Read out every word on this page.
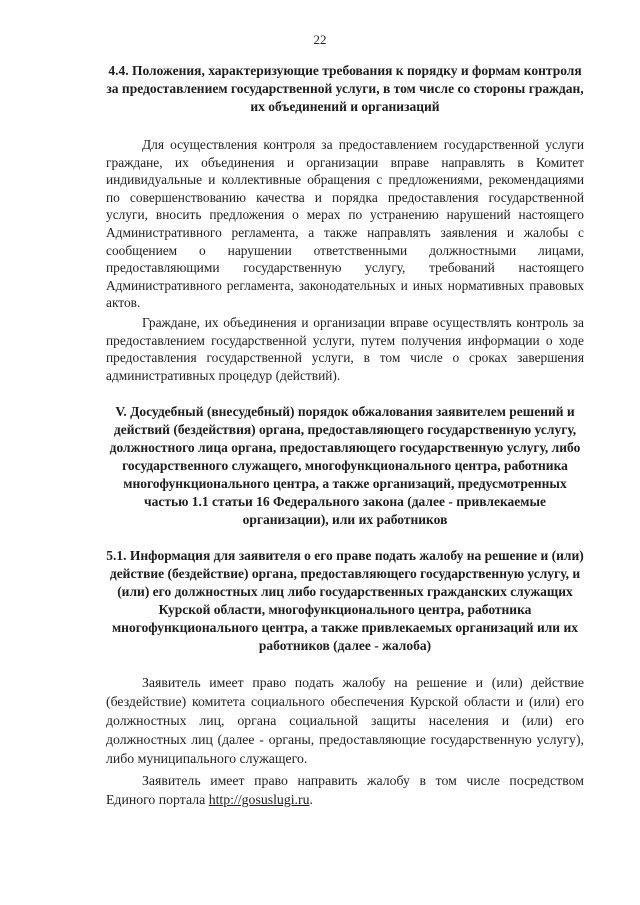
22
4.4. Положения, характеризующие требования к порядку и формам контроля за предоставлением государственной услуги, в том числе со стороны граждан, их объединений и организаций

Для осуществления контроля за предоставлением государственной услуги граждане, их объединения и организации вправе направлять в Комитет индивидуальные и коллективные обращения с предложениями, рекомендациями по совершенствованию качества и порядка предоставления государственной услуги, вносить предложения о мерах по устранению нарушений настоящего Административного регламента, а также направлять заявления и жалобы с сообщением о нарушении ответственными должностными лицами, предоставляющими государственную услугу, требований настоящего Административного регламента, законодательных и иных нормативных правовых актов.

Граждане, их объединения и организации вправе осуществлять контроль за предоставлением государственной услуги, путем получения информации о ходе предоставления государственной услуги, в том числе о сроках завершения административных процедур (действий).

V. Досудебный (внесудебный) порядок обжалования заявителем решений и действий (бездействия) органа, предоставляющего государственную услугу, должностного лица органа, предоставляющего государственную услугу, либо государственного служащего, многофункционального центра, работника многофункционального центра, а также организаций, предусмотренных частью 1.1 статьи 16 Федерального закона (далее - привлекаемые организации), или их работников
5.1. Информация для заявителя о его праве подать жалобу на решение и (или) действие (бездействие) органа, предоставляющего государственную услугу, и (или) его должностных лиц либо государственных гражданских служащих Курской области, многофункционального центра, работника многофункционального центра, а также привлекаемых организаций или их работников (далее - жалоба)

Заявитель имеет право подать жалобу на решение и (или) действие (бездействие) комитета социального обеспечения Курской области и (или) его должностных лиц, органа социальной защиты населения и (или) его должностных лиц (далее - органы, предоставляющие государственную услугу), либо муниципального служащего.

Заявитель имеет право направить жалобу в том числе посредством Единого портала http://gosuslugi.ru.
